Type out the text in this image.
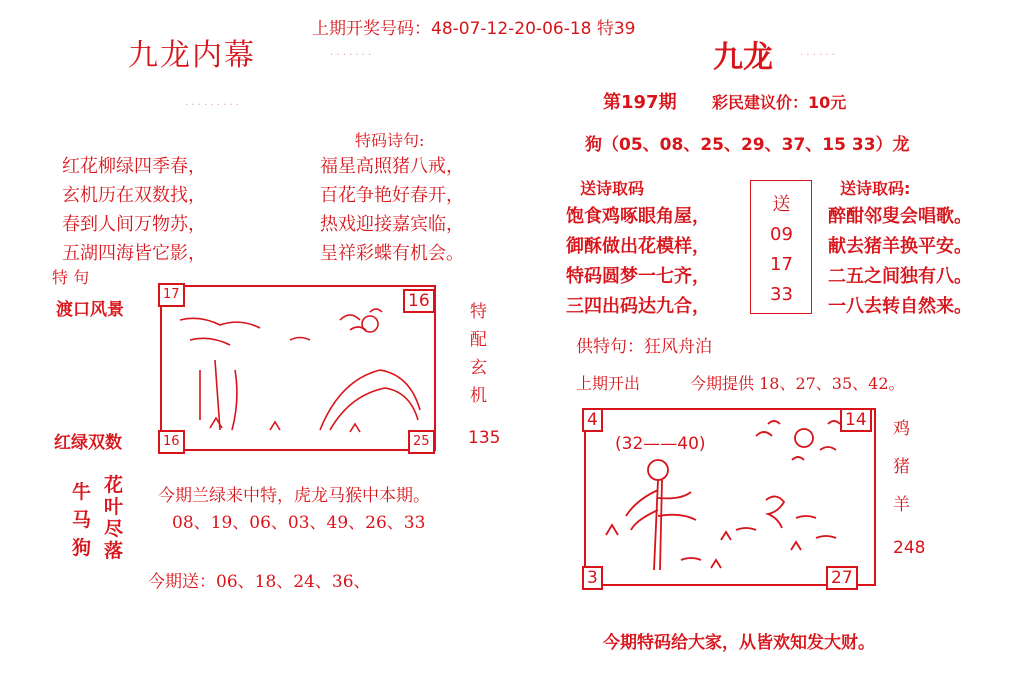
上期开奖号码：48-07-12-20-06-18 特39
九龙内幕	· · · · · · ·
· · · · · · · · ·
特码诗句:
红花柳绿四季春，
玄机历在双数找，
春到人间万物苏，
五湖四海皆它影，
福星高照猪八戒，
百花争艳好春开，
热戏迎接嘉宾临，
呈祥彩蝶有机会。
特 句
渡口风景
红绿双数
17	16
16	25
特
配
玄
机
135
牛
马
狗
花
叶
尽
落
今期兰绿来中特，虎龙马猴中本期。
08、19、06、03、49、26、33
今期送：06、18、24、36、
九龙	· · · · · ·
第197期 彩民建议价：10元
狗（05、08、25、29、37、15 33）龙
送诗取码	送诗取码:
饱食鸡啄眼角屋，
御酥做出花模样，
特码圆梦一七齐，
三四出码达九合，
醉酣邻叟会唱歌。
献去猪羊换平安。
二五之间独有八。
一八去转自然来。
送
09
17
33
供特句：狂风舟泊
上期开出	今期提供 18、27、35、42。
4	14
3	27
(32——40)
鸡
猪
羊
248
今期特码给大家，从皆欢知发大财。
